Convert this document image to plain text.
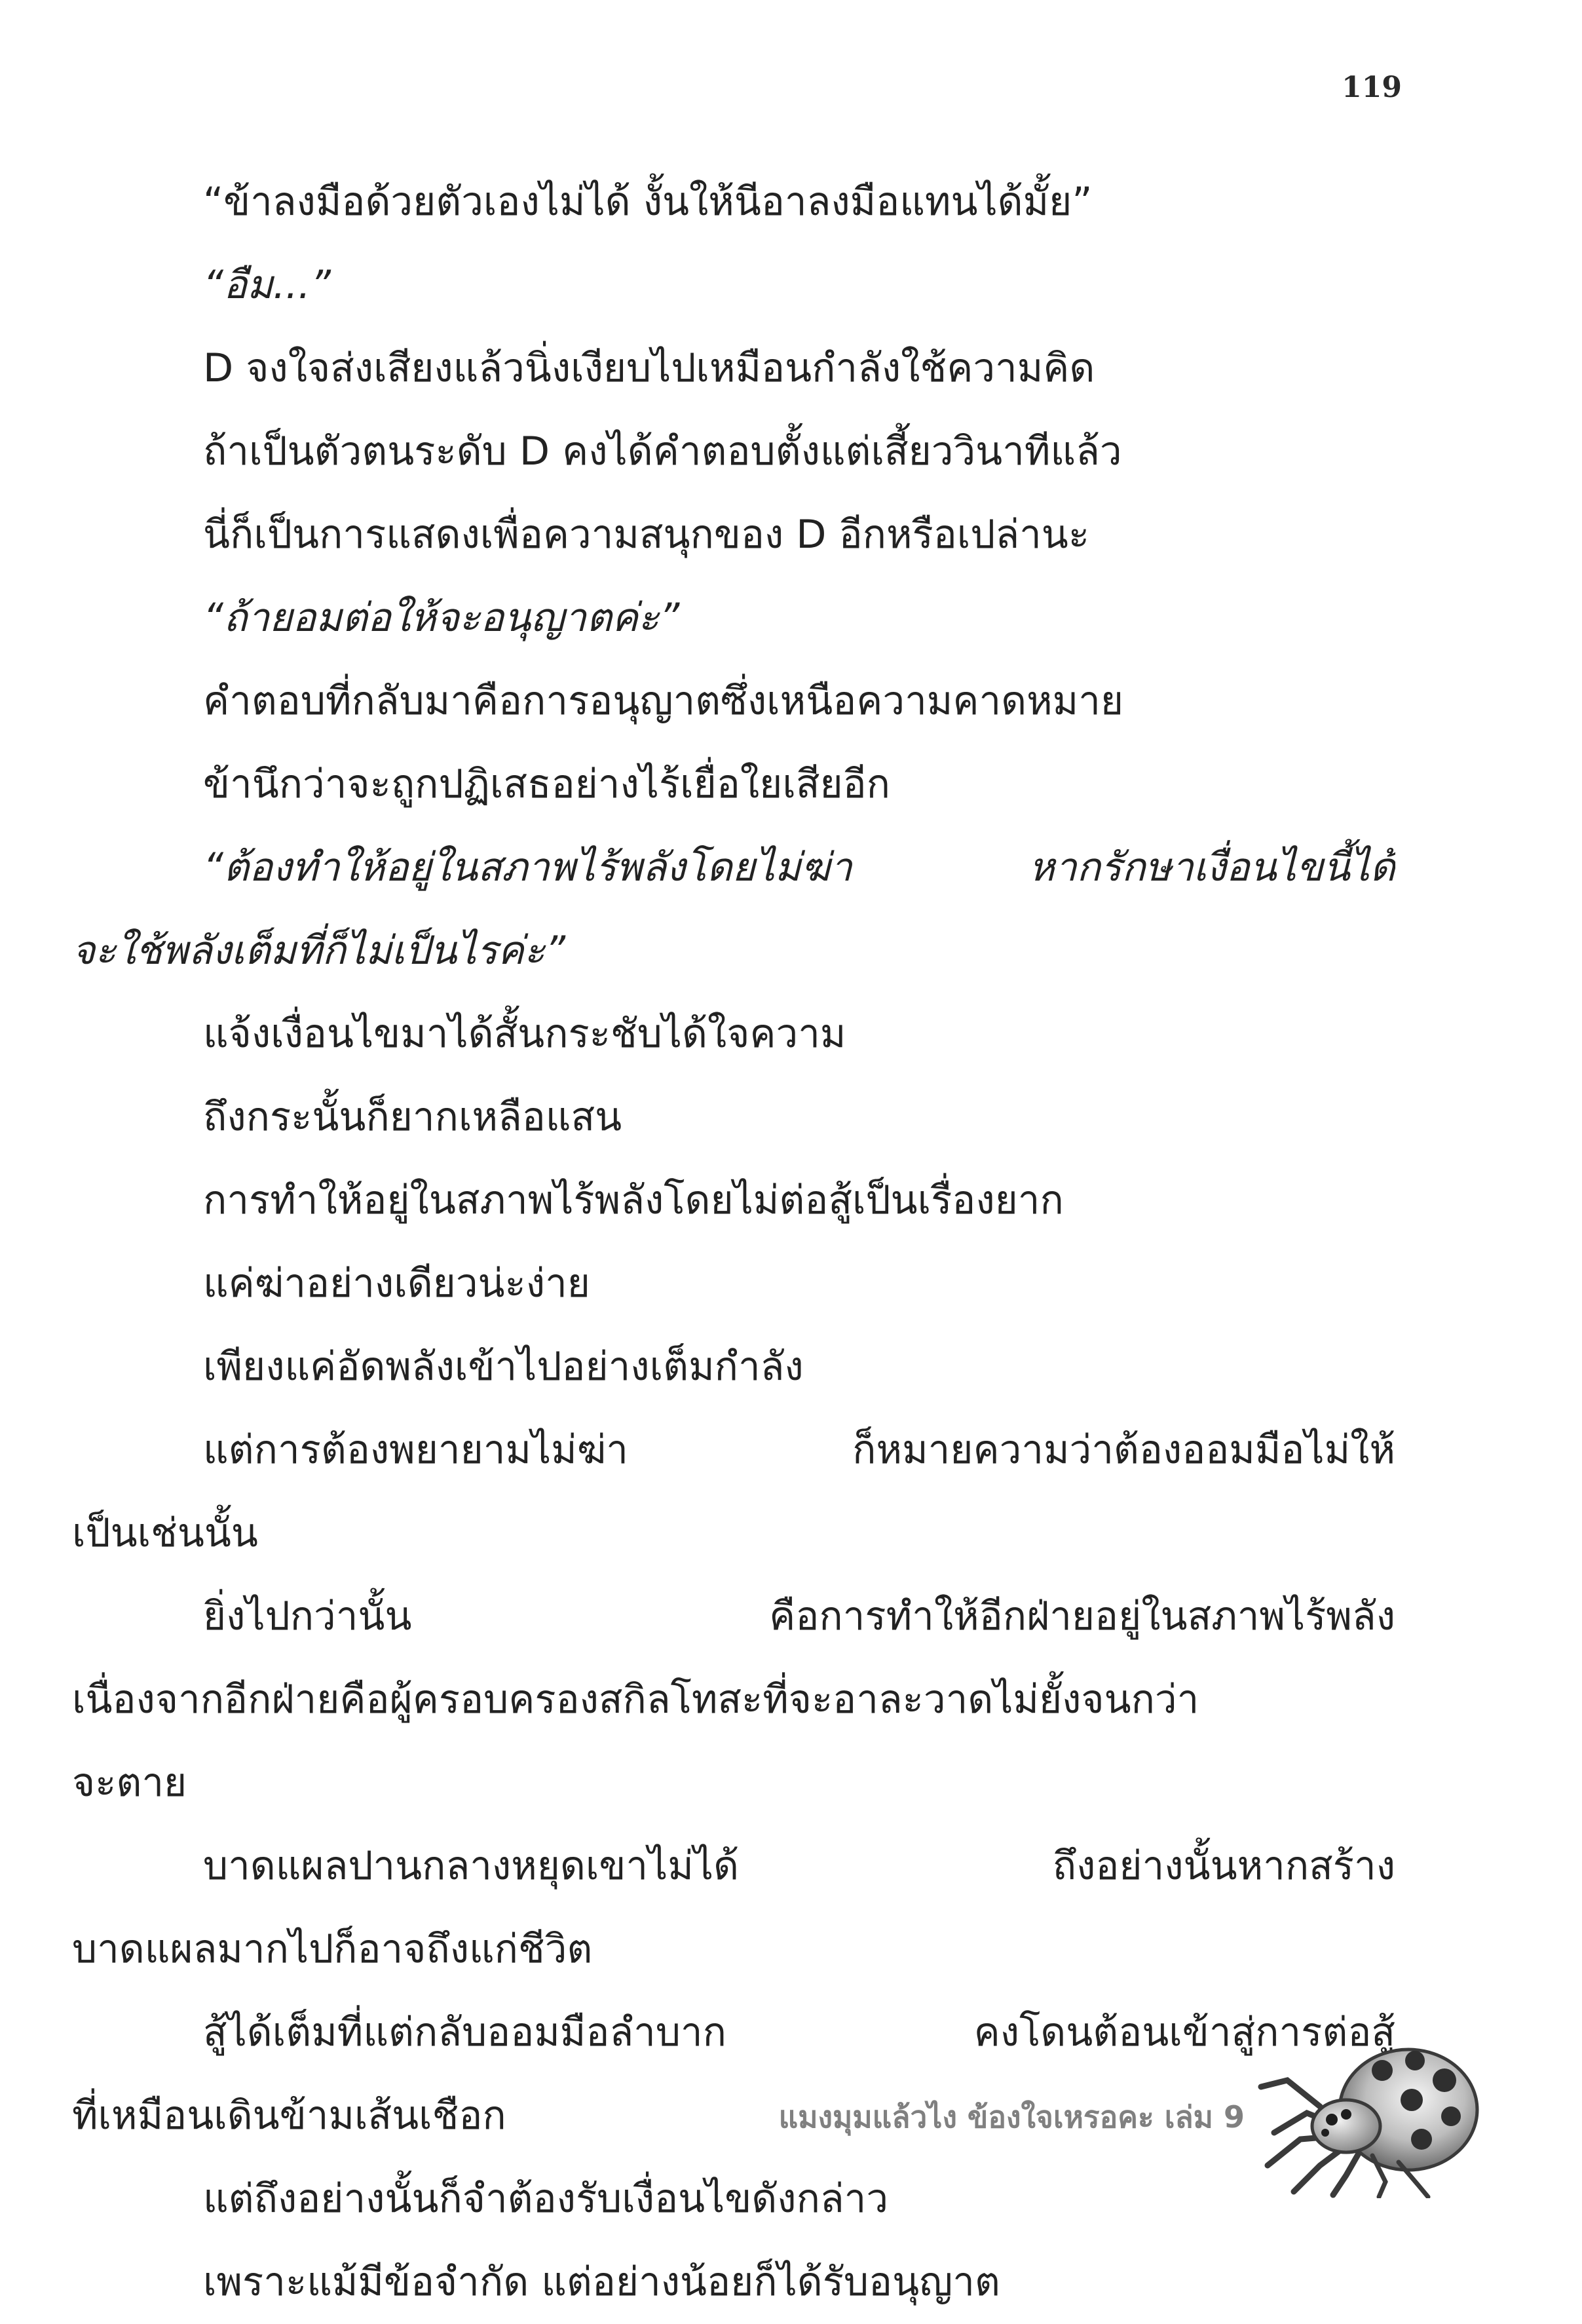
119
“ข้าลงมือด้วยตัวเองไม่ได้ งั้นให้นีอาลงมือแทนได้มั้ย”
“อืม...”
D จงใจส่งเสียงแล้วนิ่งเงียบไปเหมือนกำลังใช้ความคิด
ถ้าเป็นตัวตนระดับ D คงได้คำตอบตั้งแต่เสี้ยววินาทีแล้ว
นี่ก็เป็นการแสดงเพื่อความสนุกของ D อีกหรือเปล่านะ
“ถ้ายอมต่อให้จะอนุญาตค่ะ”
คำตอบที่กลับมาคือการอนุญาตซึ่งเหนือความคาดหมาย
ข้านึกว่าจะถูกปฏิเสธอย่างไร้เยื่อใยเสียอีก
“ต้องทำให้อยู่ในสภาพไร้พลังโดยไม่ฆ่า หากรักษาเงื่อนไขนี้ได้
จะใช้พลังเต็มที่ก็ไม่เป็นไรค่ะ”
แจ้งเงื่อนไขมาได้สั้นกระชับได้ใจความ
ถึงกระนั้นก็ยากเหลือแสน
การทำให้อยู่ในสภาพไร้พลังโดยไม่ต่อสู้เป็นเรื่องยาก
แค่ฆ่าอย่างเดียวน่ะง่าย
เพียงแค่อัดพลังเข้าไปอย่างเต็มกำลัง
แต่การต้องพยายามไม่ฆ่า ก็หมายความว่าต้องออมมือไม่ให้
เป็นเช่นนั้น
ยิ่งไปกว่านั้น คือการทำให้อีกฝ่ายอยู่ในสภาพไร้พลัง
เนื่องจากอีกฝ่ายคือผู้ครอบครองสกิลโทสะที่จะอาละวาดไม่ยั้งจนกว่า
จะตาย
บาดแผลปานกลางหยุดเขาไม่ได้ ถึงอย่างนั้นหากสร้าง
บาดแผลมากไปก็อาจถึงแก่ชีวิต
สู้ได้เต็มที่แต่กลับออมมือลำบาก คงโดนต้อนเข้าสู่การต่อสู้
ที่เหมือนเดินข้ามเส้นเชือก
แต่ถึงอย่างนั้นก็จำต้องรับเงื่อนไขดังกล่าว
เพราะแม้มีข้อจำกัด แต่อย่างน้อยก็ได้รับอนุญาต
แมงมุมแล้วไง ข้องใจเหรอคะ เล่ม 9
